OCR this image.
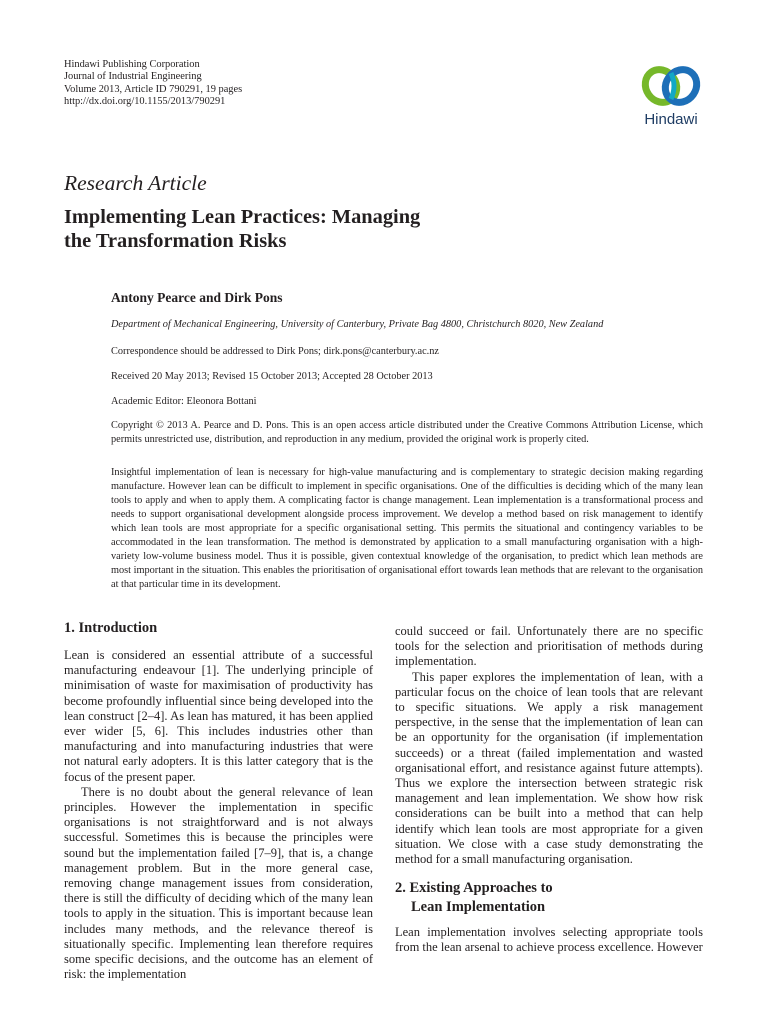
Hindawi Publishing Corporation
Journal of Industrial Engineering
Volume 2013, Article ID 790291, 19 pages
http://dx.doi.org/10.1155/2013/790291
Hindawi
Research Article
Implementing Lean Practices: Managing
the Transformation Risks
Antony Pearce and Dirk Pons
Department of Mechanical Engineering, University of Canterbury, Private Bag 4800, Christchurch 8020, New Zealand
Correspondence should be addressed to Dirk Pons; dirk.pons@canterbury.ac.nz
Received 20 May 2013; Revised 15 October 2013; Accepted 28 October 2013
Academic Editor: Eleonora Bottani
Copyright © 2013 A. Pearce and D. Pons. This is an open access article distributed under the Creative Commons Attribution License, which permits unrestricted use, distribution, and reproduction in any medium, provided the original work is properly cited.
Insightful implementation of lean is necessary for high-value manufacturing and is complementary to strategic decision making regarding manufacture. However lean can be difficult to implement in specific organisations. One of the difficulties is deciding which of the many lean tools to apply and when to apply them. A complicating factor is change management. Lean implementation is a transformational process and needs to support organisational development alongside process improvement. We develop a method based on risk management to identify which lean tools are most appropriate for a specific organisational setting. This permits the situational and contingency variables to be accommodated in the lean transformation. The method is demonstrated by application to a small manufacturing organisation with a high-variety low-volume business model. Thus it is possible, given contextual knowledge of the organisation, to predict which lean methods are most important in the situation. This enables the prioritisation of organisational effort towards lean methods that are relevant to the organisation at that particular time in its development.
1. Introduction

Lean is considered an essential attribute of a successful manufacturing endeavour [1]. The underlying principle of minimisation of waste for maximisation of productivity has become profoundly influential since being developed into the lean construct [2–4]. As lean has matured, it has been applied ever wider [5, 6]. This includes industries other than manufacturing and into manufacturing industries that were not natural early adopters. It is this latter category that is the focus of the present paper.

There is no doubt about the general relevance of lean principles. However the implementation in specific organisations is not straightforward and is not always successful. Sometimes this is because the principles were sound but the implementation failed [7–9], that is, a change management problem. But in the more general case, removing change management issues from consideration, there is still the difficulty of deciding which of the many lean tools to apply in the situation. This is important because lean includes many methods, and the relevance thereof is situationally specific. Implementing lean therefore requires some specific decisions, and the outcome has an element of risk: the implementation

could succeed or fail. Unfortunately there are no specific tools for the selection and prioritisation of methods during implementation.

This paper explores the implementation of lean, with a particular focus on the choice of lean tools that are relevant to specific situations. We apply a risk management perspective, in the sense that the implementation of lean can be an opportunity for the organisation (if implementation succeeds) or a threat (failed implementation and wasted organisational effort, and resistance against future attempts). Thus we explore the intersection between strategic risk management and lean implementation. We show how risk considerations can be built into a method that can help identify which lean tools are most appropriate for a given situation. We close with a case study demonstrating the method for a small manufacturing organisation.

2. Existing Approaches to
Lean Implementation

Lean implementation involves selecting appropriate tools from the lean arsenal to achieve process excellence. However
